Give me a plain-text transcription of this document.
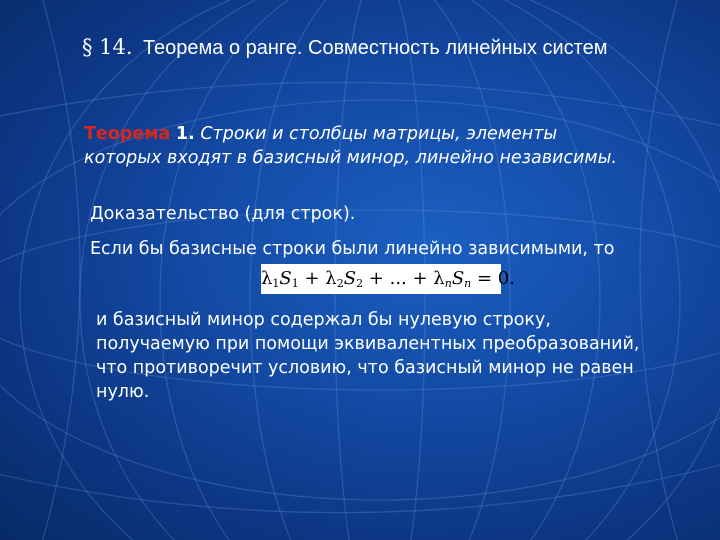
§ 14. Теорема о ранге. Совместность линейных систем
Теорема 1. Строки и столбцы матрицы, элементы
которых входят в базисный минор, линейно независимы.
Доказательство (для строк).
Если бы базисные строки были линейно зависимыми, то
$\lambda_1S_1 + \lambda_2S_2$ + ... + $\lambda_nS_n = 0$.
и базисный минор содержал бы нулевую строку,
получаемую при помощи эквивалентных преобразований,
что противоречит условию, что базисный минор не равен
нулю.
